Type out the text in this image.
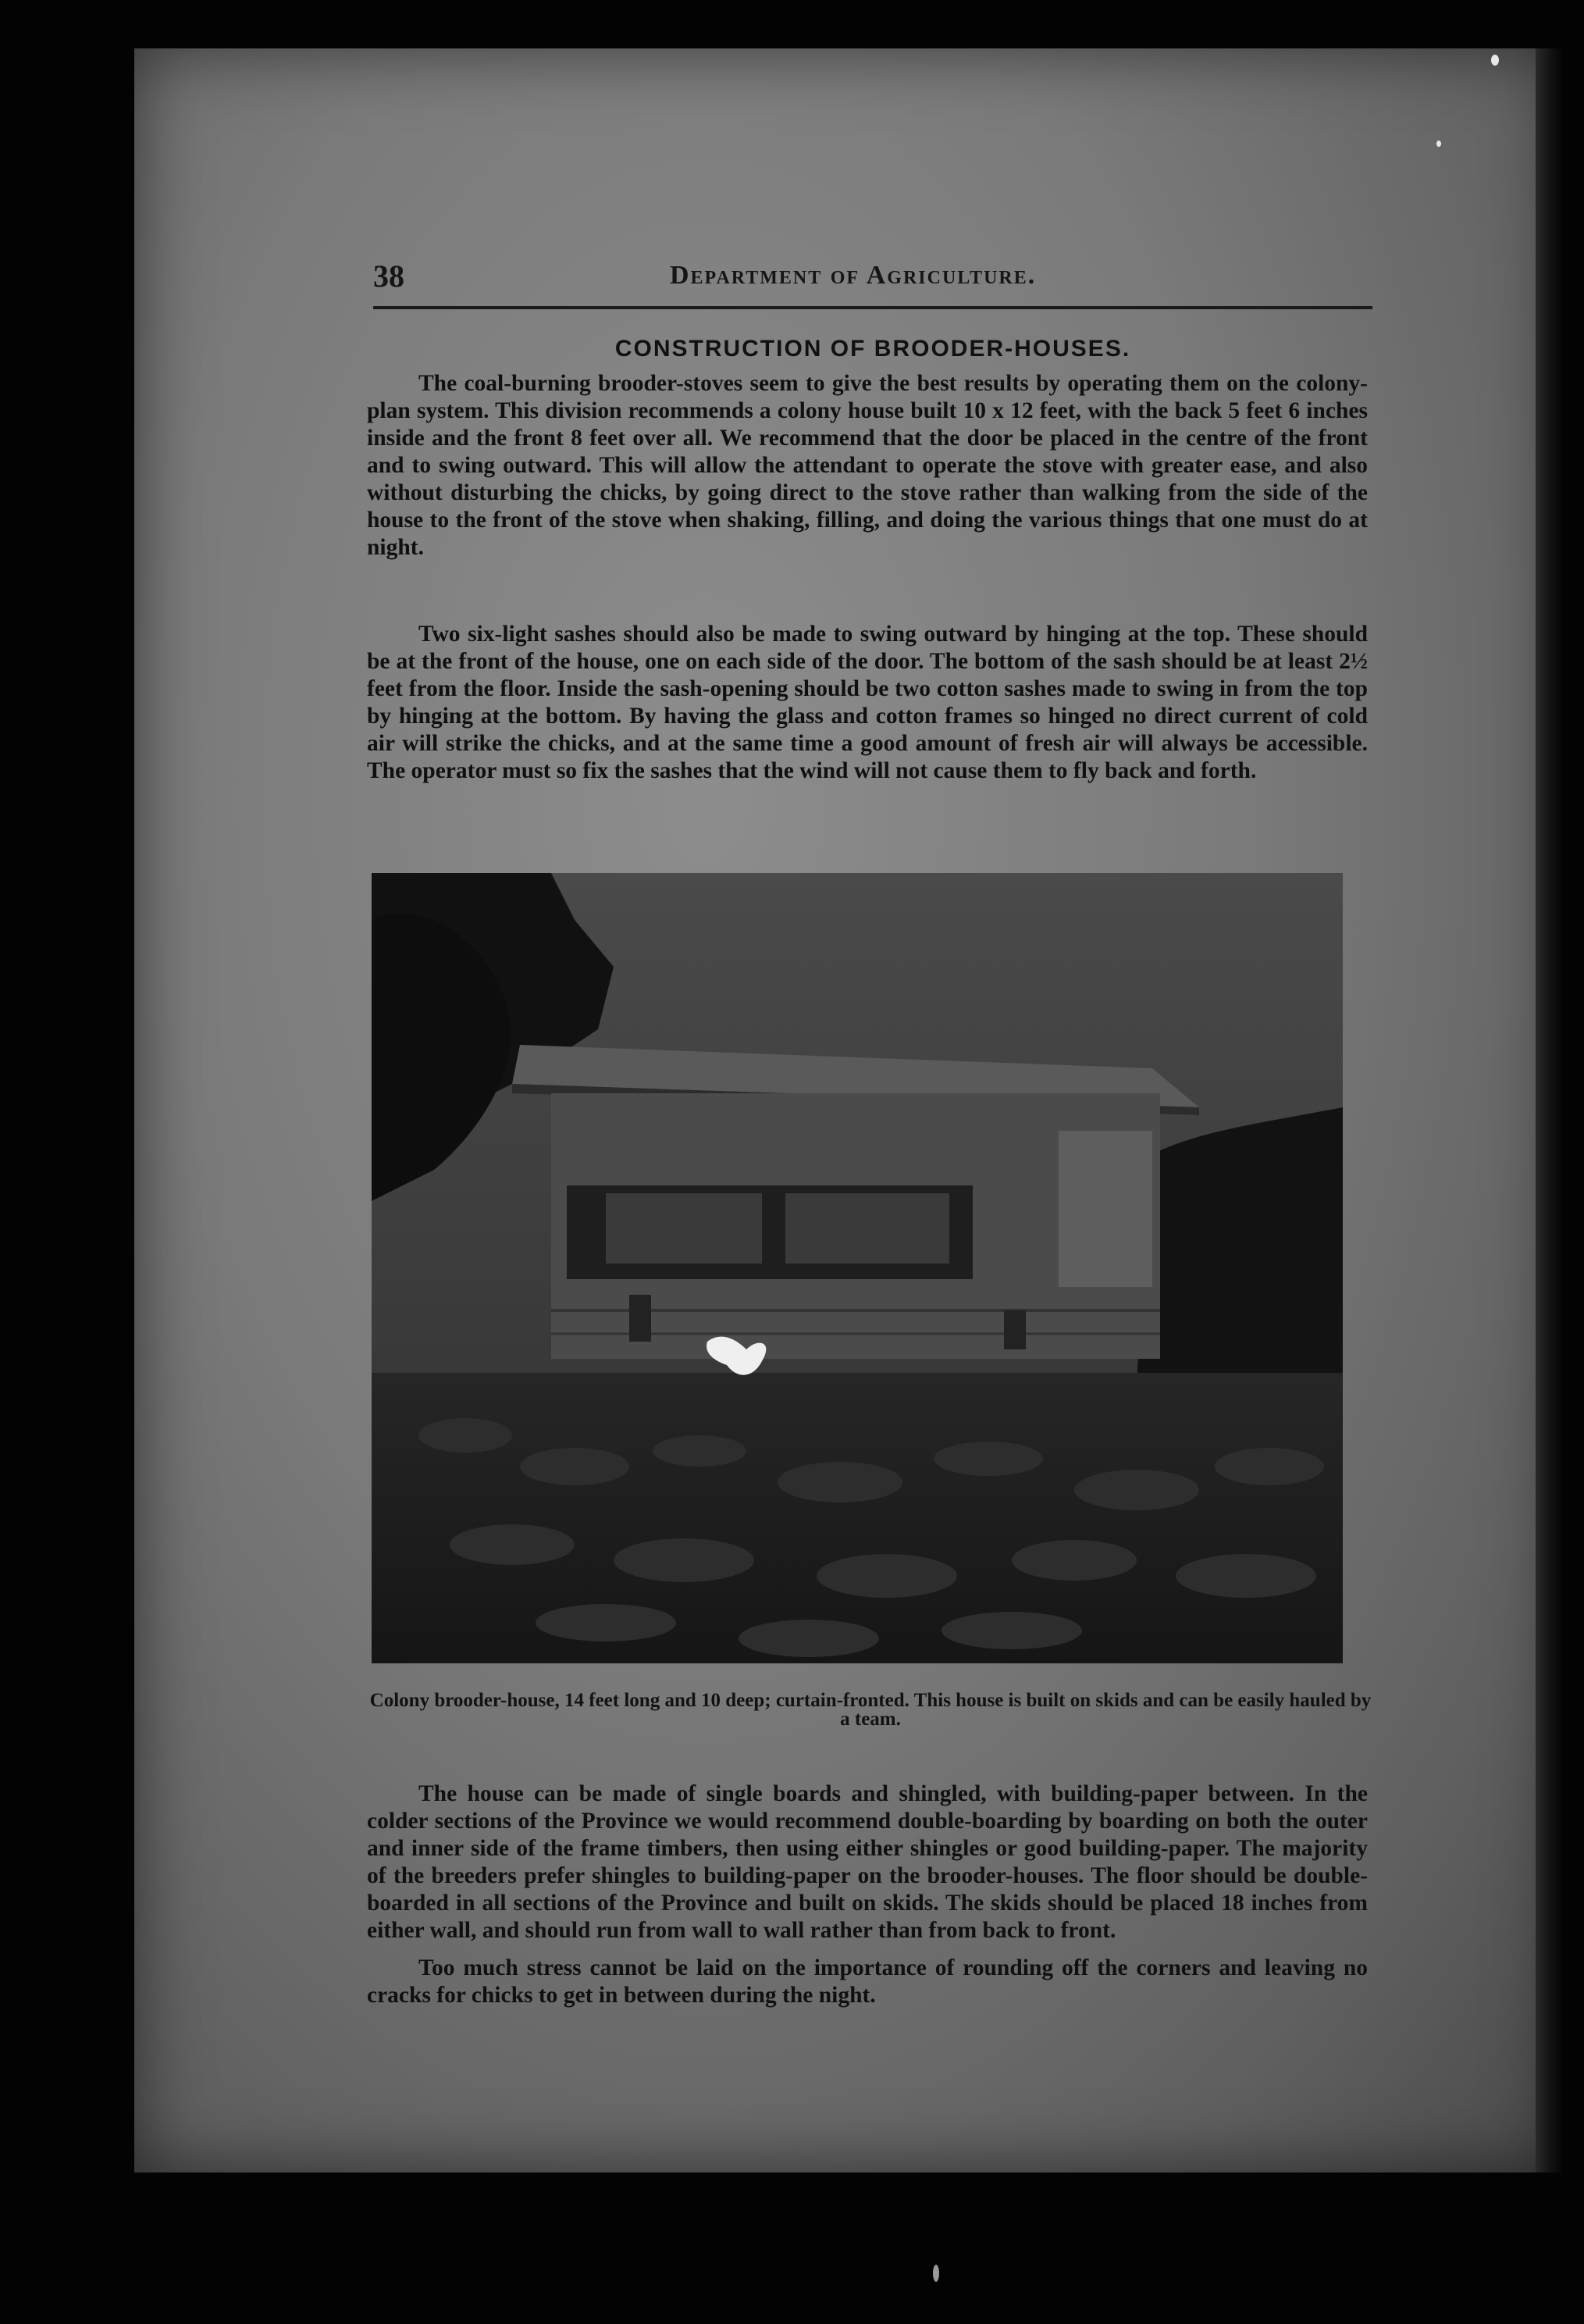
38	Department of Agriculture.
CONSTRUCTION OF BROODER-HOUSES.

The coal-burning brooder-stoves seem to give the best results by operating them on the colony-plan system. This division recommends a colony house built 10 x 12 feet, with the back 5 feet 6 inches inside and the front 8 feet over all. We recommend that the door be placed in the centre of the front and to swing outward. This will allow the attendant to operate the stove with greater ease, and also without disturbing the chicks, by going direct to the stove rather than walking from the side of the house to the front of the stove when shaking, filling, and doing the various things that one must do at night.

Two six-light sashes should also be made to swing outward by hinging at the top. These should be at the front of the house, one on each side of the door. The bottom of the sash should be at least 2½ feet from the floor. Inside the sash-opening should be two cotton sashes made to swing in from the top by hinging at the bottom. By having the glass and cotton frames so hinged no direct current of cold air will strike the chicks, and at the same time a good amount of fresh air will always be accessible. The operator must so fix the sashes that the wind will not cause them to fly back and forth.

Colony brooder-house, 14 feet long and 10 deep; curtain-fronted. This house is built on skids and can be easily hauled by a team.

The house can be made of single boards and shingled, with building-paper between. In the colder sections of the Province we would recommend double-boarding by boarding on both the outer and inner side of the frame timbers, then using either shingles or good building-paper. The majority of the breeders prefer shingles to building-paper on the brooder-houses. The floor should be double-boarded in all sections of the Province and built on skids. The skids should be placed 18 inches from either wall, and should run from wall to wall rather than from back to front.

Too much stress cannot be laid on the importance of rounding off the corners and leaving no cracks for chicks to get in between during the night.
